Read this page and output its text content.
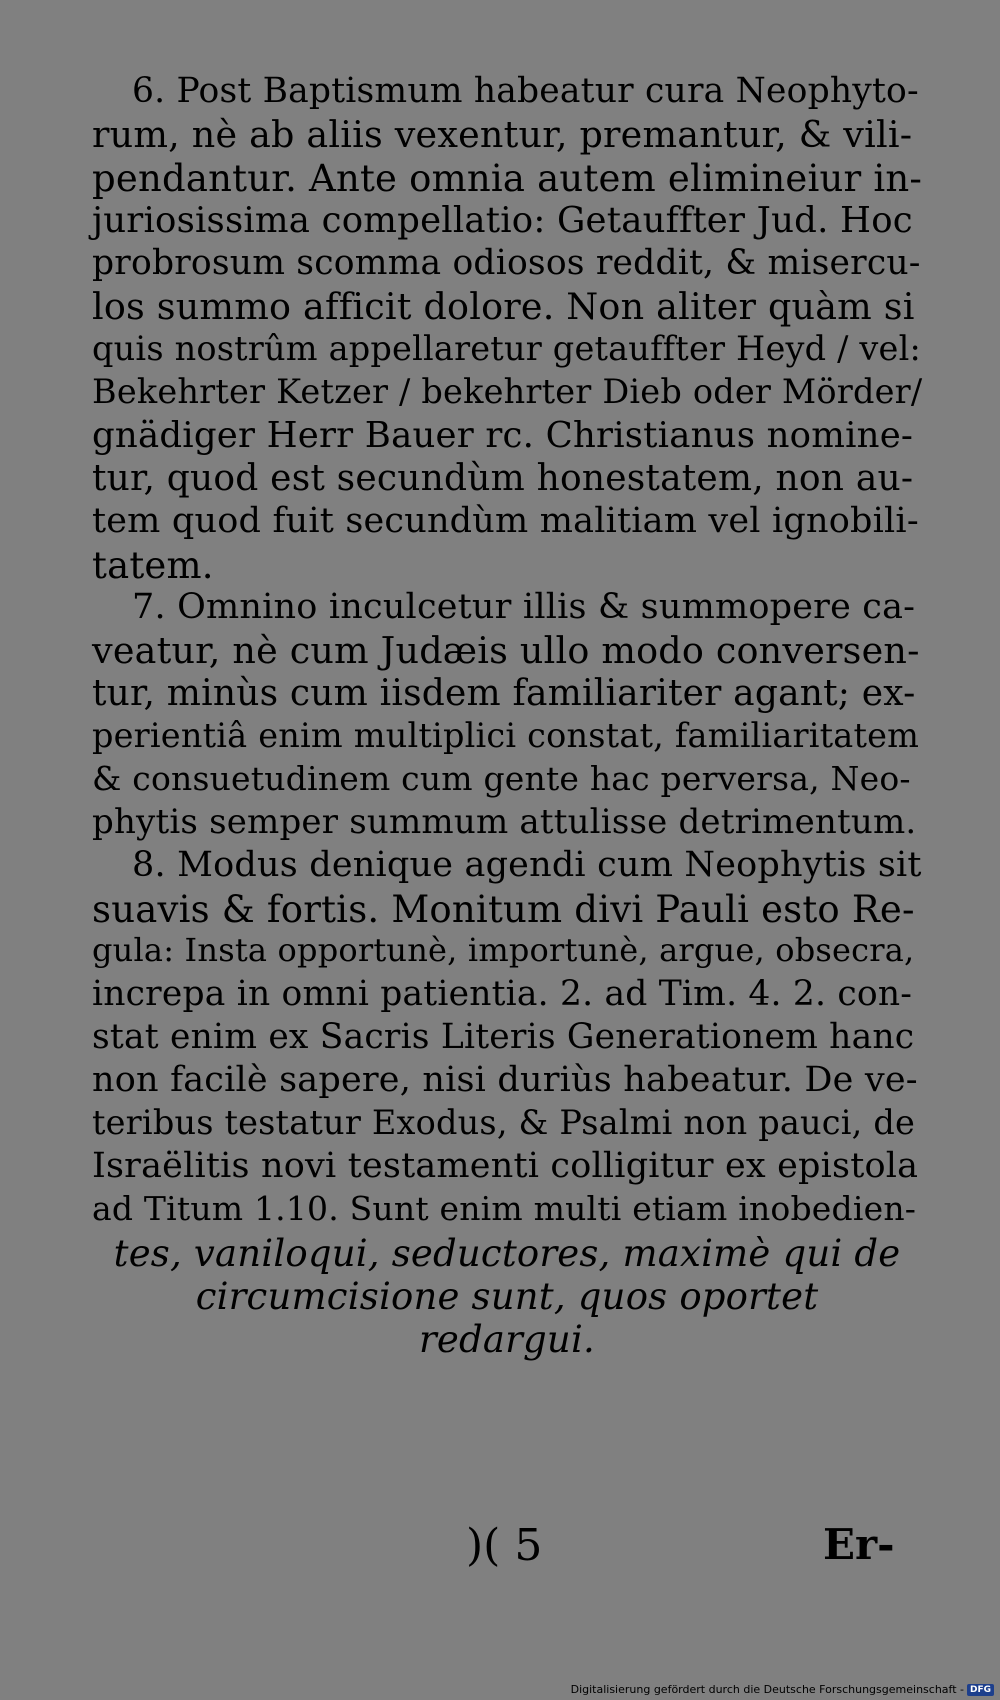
6. Post Baptismum habeatur cura Neophyto-
rum, nè ab aliis vexentur, premantur, & vili-
pendantur. Ante omnia autem elimineiur in-
juriosissima compellatio: Getauffter Jud. Hoc
probrosum scomma odiosos reddit, & misercu-
los summo afficit dolore. Non aliter quàm si
quis nostrûm appellaretur getauffter Heyd / vel:
Bekehrter Ketzer / bekehrter Dieb oder Mörder/
gnädiger Herr Bauer rc. Christianus nomine-
tur, quod est secundùm honestatem, non au-
tem quod fuit secundùm malitiam vel ignobili-
tatem.
7. Omnino inculcetur illis & summopere ca-
veatur, nè cum Judæis ullo modo conversen-
tur, minùs cum iisdem familiariter agant; ex-
perientiâ enim multiplici constat, familiaritatem
& consuetudinem cum gente hac perversa, Neo-
phytis semper summum attulisse detrimentum.
8. Modus denique agendi cum Neophytis sit
suavis & fortis. Monitum divi Pauli esto Re-
gula: Insta opportunè, importunè, argue, obsecra,
increpa in omni patientia. 2. ad Tim. 4. 2. con-
stat enim ex Sacris Literis Generationem hanc
non facilè sapere, nisi duriùs habeatur. De ve-
teribus testatur Exodus, & Psalmi non pauci, de
Israëlitis novi testamenti colligitur ex epistola
ad Titum 1.10. Sunt enim multi etiam inobedien-
tes, vaniloqui, seductores, maximè qui de
circumcisione sunt, quos oportet
redargui.
)( 5	Er-
Digitalisierung gefördert durch die Deutsche Forschungsgemeinschaft - DFG
